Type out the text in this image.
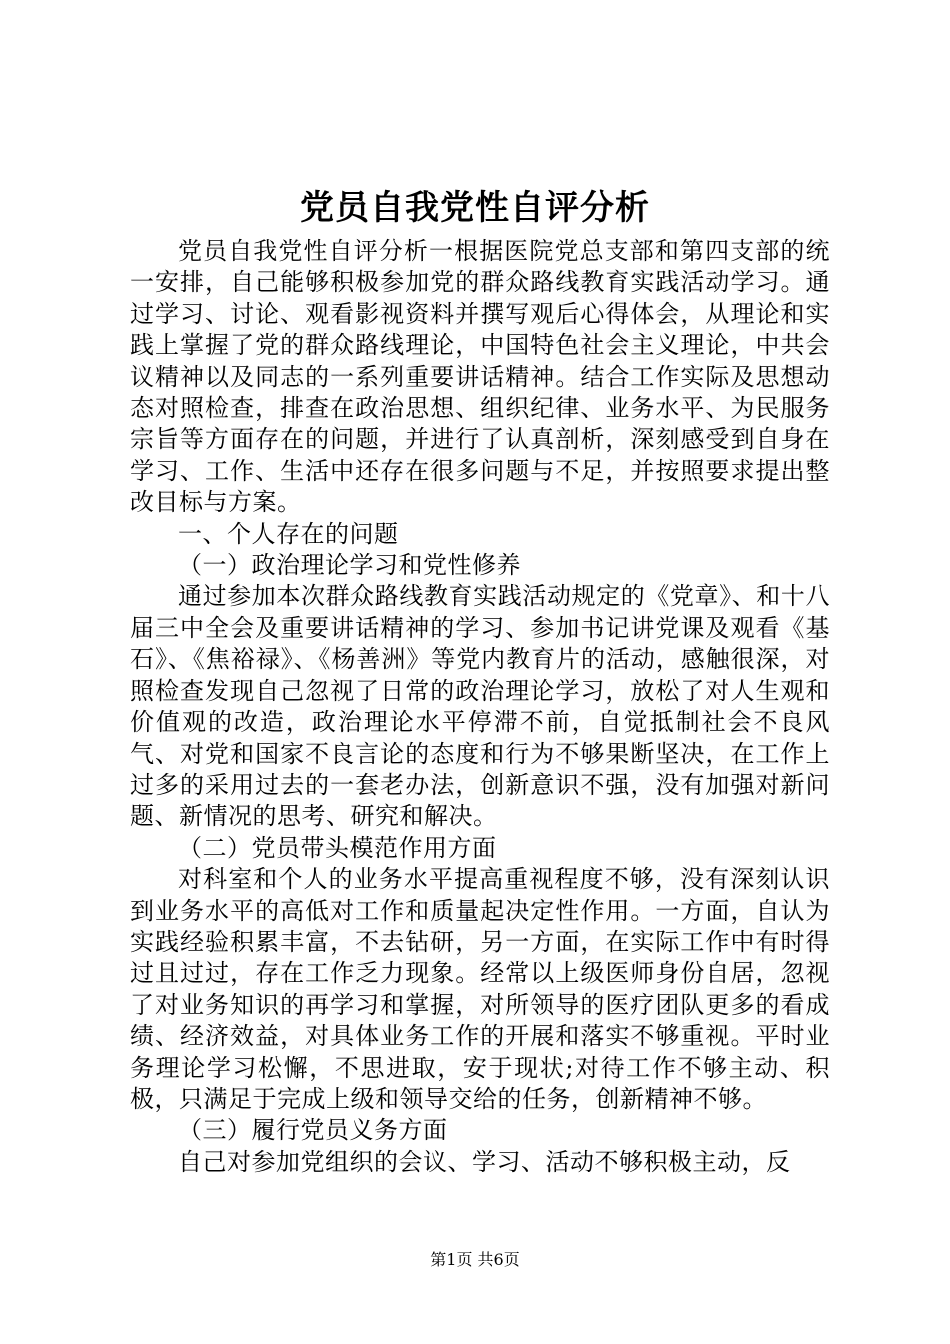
党员自我党性自评分析

党员自我党性自评分析一根据医院党总支部和第四支部的统一安排，自己能够积极参加党的群众路线教育实践活动学习。通过学习、讨论、观看影视资料并撰写观后心得体会，从理论和实践上掌握了党的群众路线理论，中国特色社会主义理论，中共会议精神以及同志的一系列重要讲话精神。结合工作实际及思想动态对照检查，排查在政治思想、组织纪律、业务水平、为民服务宗旨等方面存在的问题，并进行了认真剖析，深刻感受到自身在学习、工作、生活中还存在很多问题与不足，并按照要求提出整改目标与方案。

一、个人存在的问题

（一）政治理论学习和党性修养

通过参加本次群众路线教育实践活动规定的《党章》、和十八届三中全会及重要讲话精神的学习、参加书记讲党课及观看《基石》、《焦裕禄》、《杨善洲》等党内教育片的活动，感触很深，对照检查发现自己忽视了日常的政治理论学习，放松了对人生观和价值观的改造，政治理论水平停滞不前，自觉抵制社会不良风气、对党和国家不良言论的态度和行为不够果断坚决，在工作上过多的采用过去的一套老办法，创新意识不强，没有加强对新问题、新情况的思考、研究和解决。

（二）党员带头模范作用方面

对科室和个人的业务水平提高重视程度不够，没有深刻认识到业务水平的高低对工作和质量起决定性作用。一方面，自认为实践经验积累丰富，不去钻研，另一方面，在实际工作中有时得过且过过，存在工作乏力现象。经常以上级医师身份自居，忽视了对业务知识的再学习和掌握，对所领导的医疗团队更多的看成绩、经济效益，对具体业务工作的开展和落实不够重视。平时业务理论学习松懈，不思进取，安于现状;对待工作不够主动、积极，只满足于完成上级和领导交给的任务，创新精神不够。

（三）履行党员义务方面

自己对参加党组织的会议、学习、活动不够积极主动，反

第1页 共6页
